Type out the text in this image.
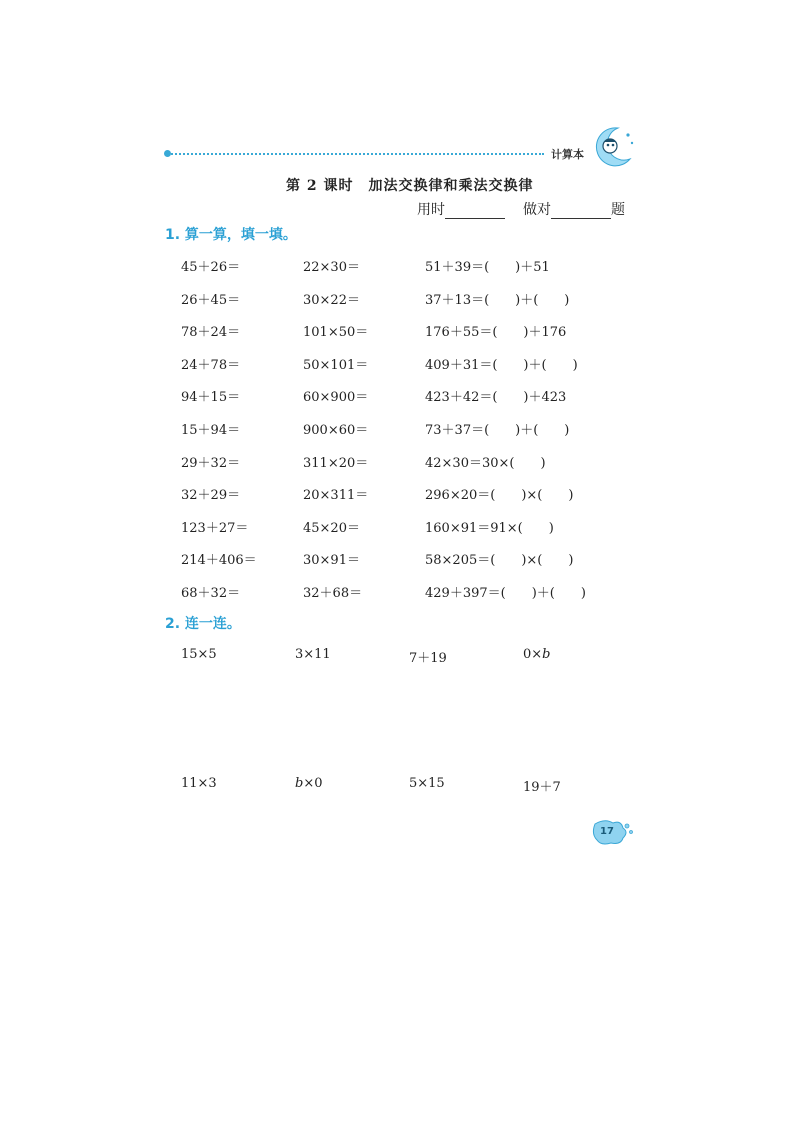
计算本
第 2 课时　加法交换律和乘法交换律
用时	做对	题
1. 算一算，填一填。
45＋26＝	22×30＝	51＋39＝(　　)＋51
26＋45＝	30×22＝	37＋13＝(　　)＋(　　)
78＋24＝	101×50＝	176＋55＝(　　)＋176
24＋78＝	50×101＝	409＋31＝(　　)＋(　　)
94＋15＝	60×900＝	423＋42＝(　　)＋423
15＋94＝	900×60＝	73＋37＝(　　)＋(　　)
29＋32＝	311×20＝	42×30＝30×(　　)
32＋29＝	20×311＝	296×20＝(　　)×(　　)
123＋27＝	45×20＝	160×91＝91×(　　)
214＋406＝	30×91＝	58×205＝(　　)×(　　)
68＋32＝	32＋68＝	429＋397＝(　　)＋(　　)
2. 连一连。
15×5	3×11	7＋19	0×b
11×3	b×0	5×15	19＋7
17
